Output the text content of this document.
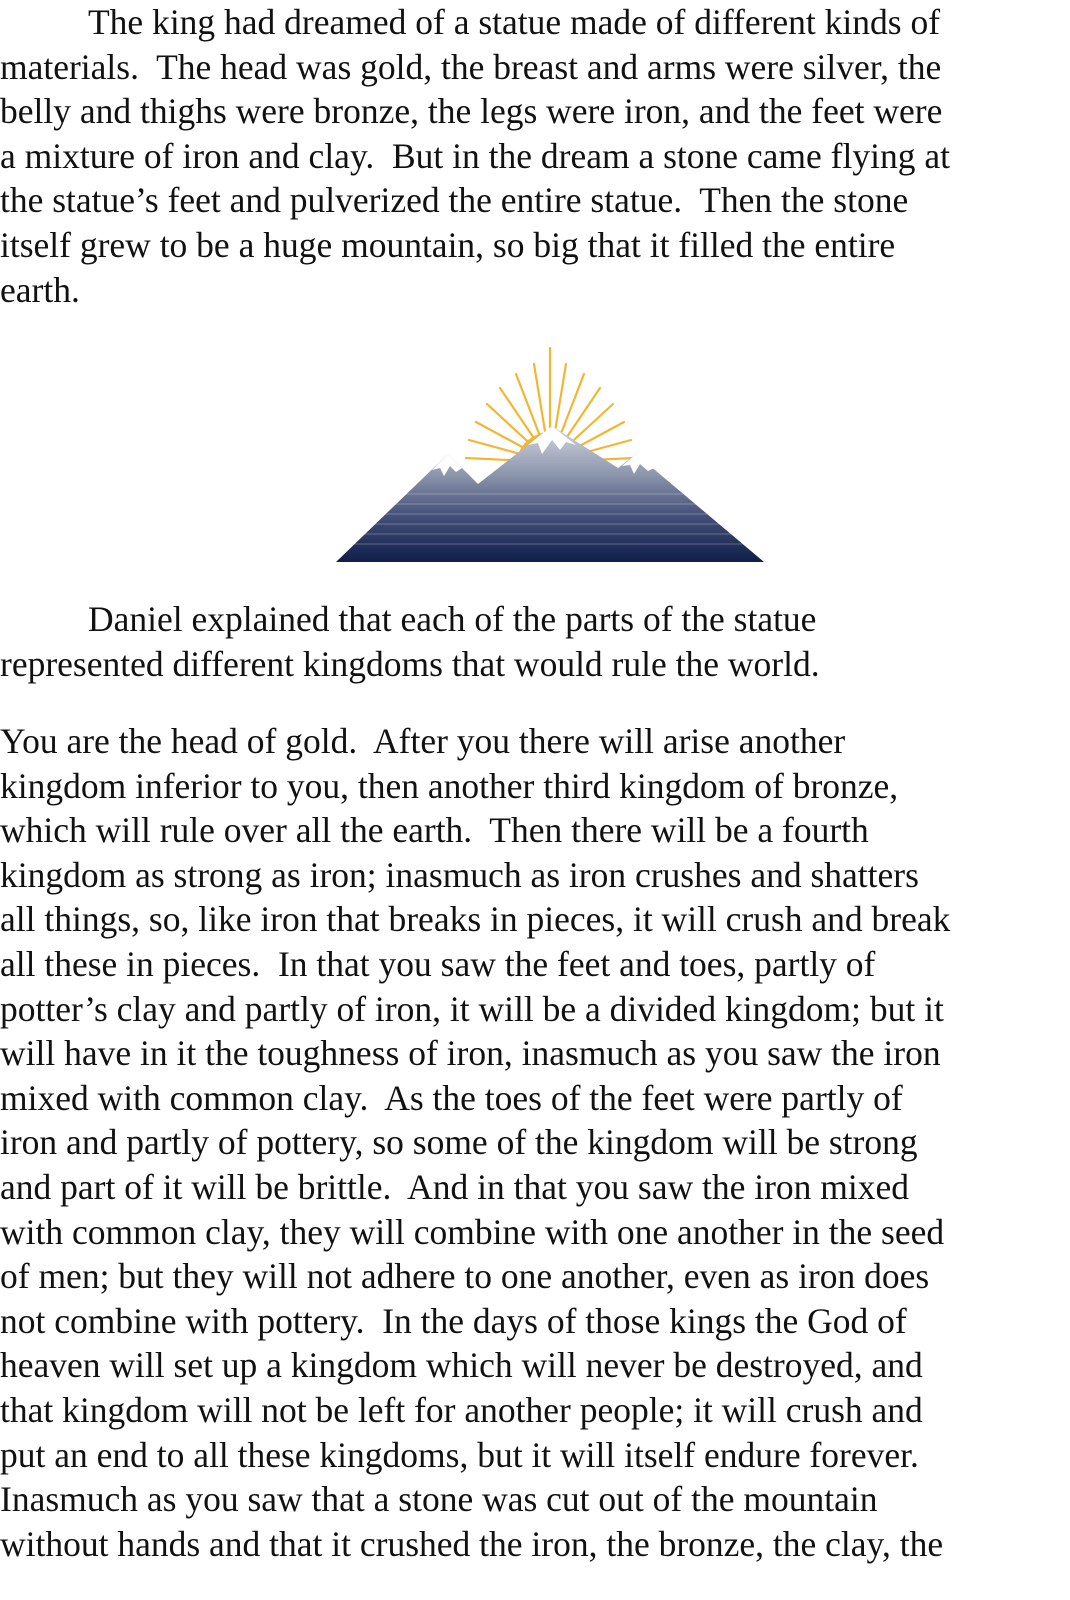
The king had dreamed of a statue made of different kinds of
materials.  The head was gold, the breast and arms were silver, the
belly and thighs were bronze, the legs were iron, and the feet were
a mixture of iron and clay.  But in the dream a stone came flying at
the statue’s feet and pulverized the entire statue.  Then the stone
itself grew to be a huge mountain, so big that it filled the entire
earth.

Daniel explained that each of the parts of the statue
represented different kingdoms that would rule the world.

You are the head of gold.  After you there will arise another
kingdom inferior to you, then another third kingdom of bronze,
which will rule over all the earth.  Then there will be a fourth
kingdom as strong as iron; inasmuch as iron crushes and shatters
all things, so, like iron that breaks in pieces, it will crush and break
all these in pieces.  In that you saw the feet and toes, partly of
potter’s clay and partly of iron, it will be a divided kingdom; but it
will have in it the toughness of iron, inasmuch as you saw the iron
mixed with common clay.  As the toes of the feet were partly of
iron and partly of pottery, so some of the kingdom will be strong
and part of it will be brittle.  And in that you saw the iron mixed
with common clay, they will combine with one another in the seed
of men; but they will not adhere to one another, even as iron does
not combine with pottery.  In the days of those kings the God of
heaven will set up a kingdom which will never be destroyed, and
that kingdom will not be left for another people; it will crush and
put an end to all these kingdoms, but it will itself endure forever.
Inasmuch as you saw that a stone was cut out of the mountain
without hands and that it crushed the iron, the bronze, the clay, the
